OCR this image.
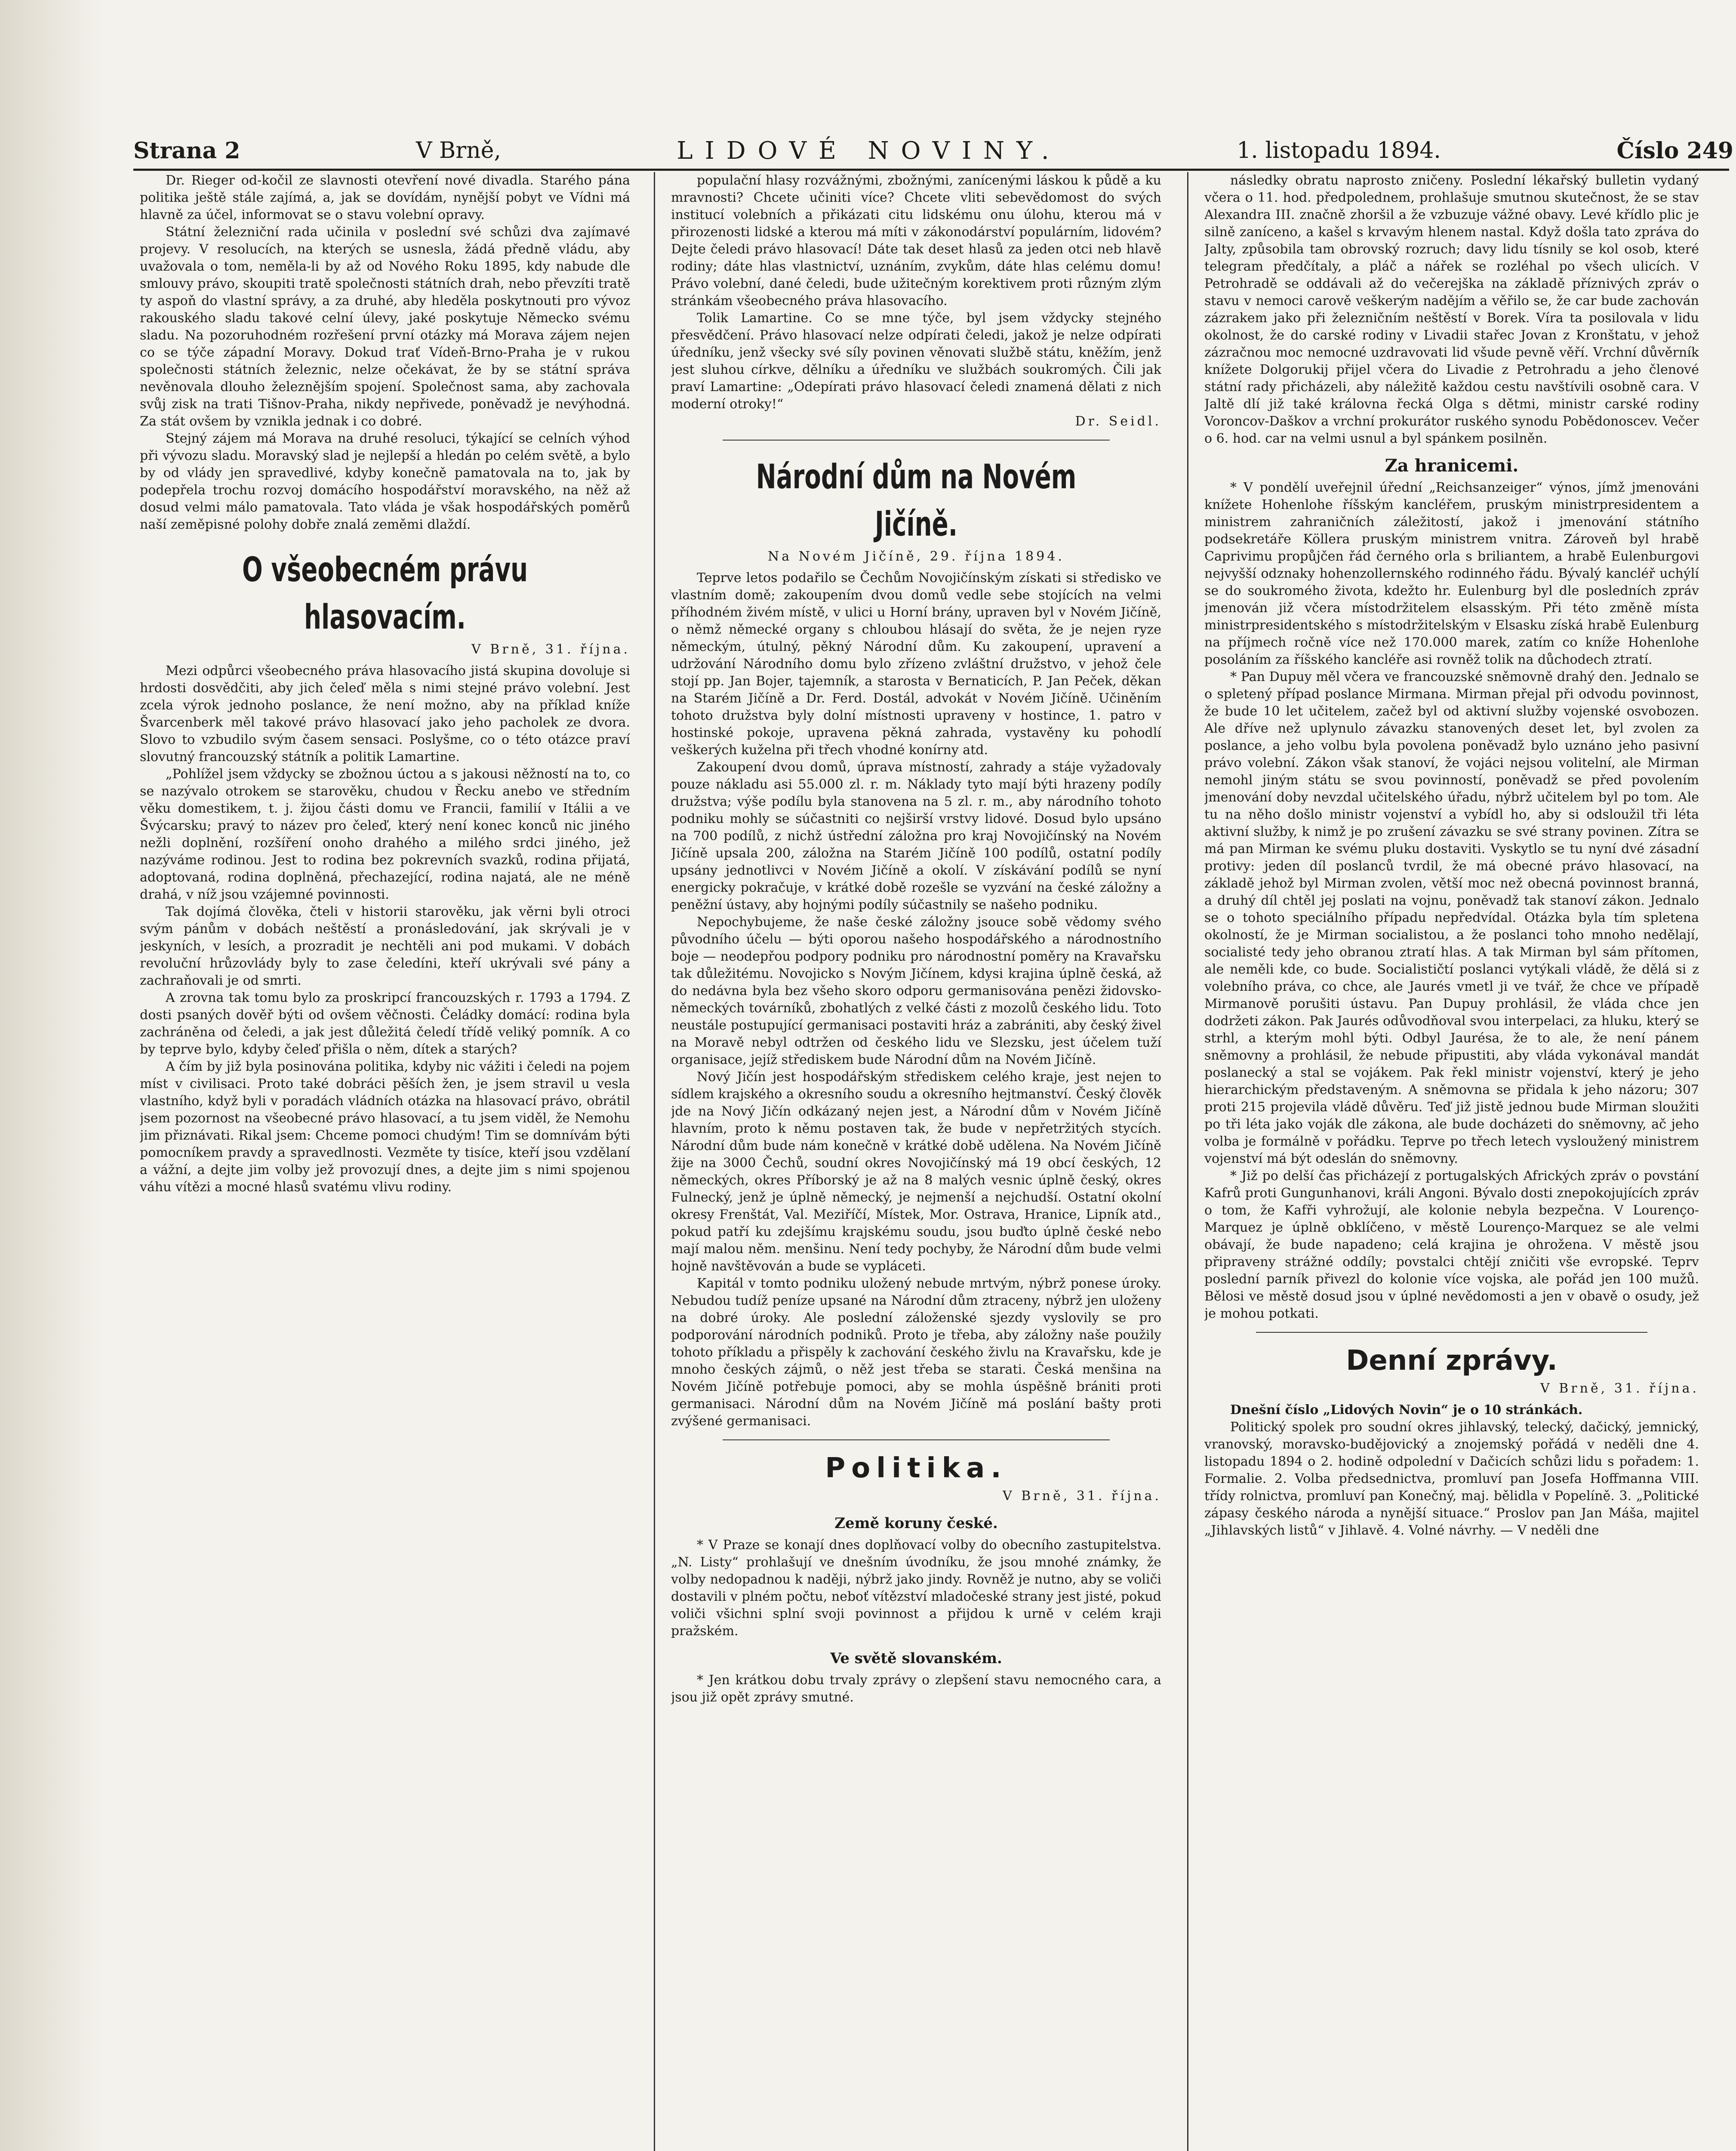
Strana 2	V Brně,	LIDOVÉ NOVINY.	1. listopadu 1894.	Číslo 249

Dr. Rieger od-kočil ze slavnosti otevření nové divadla. Starého pána politika ještě stále zajímá, a, jak se dovídám, nynější pobyt ve Vídni má hlavně za účel, informovat se o stavu volební opravy.

Státní železniční rada učinila v poslední své schůzi dva zajímavé projevy. V resolucích, na kterých se usnesla, žádá předně vládu, aby uvažovala o tom, neměla-li by až od Nového Roku 1895, kdy nabude dle smlouvy právo, skoupiti tratě společnosti státních drah, nebo převzíti tratě ty aspoň do vlastní správy, a za druhé, aby hleděla poskytnouti pro vývoz rakouského sladu takové celní úlevy, jaké poskytuje Německo svému sladu. Na pozoruhodném rozřešení první otázky má Morava zájem nejen co se týče západní Moravy. Dokud trať Vídeň-Brno-Praha je v rukou společnosti státních železnic, nelze očekávat, že by se státní správa nevěnovala dlouho železnějším spojení. Společnost sama, aby zachovala svůj zisk na trati Tišnov-Praha, nikdy nepřivede, poněvadž je nevýhodná. Za stát ovšem by vznikla jednak i co dobré.

Stejný zájem má Morava na druhé resoluci, týkající se celních výhod při vývozu sladu. Moravský slad je nejlepší a hledán po celém světě, a bylo by od vlády jen spravedlivé, kdyby konečně pamatovala na to, jak by podepřela trochu rozvoj domácího hospodářství moravského, na něž až dosud velmi málo pamatovala. Tato vláda je však hospodářských poměrů naší zeměpisné polohy dobře znalá zeměmi dlaždí.

O všeobecném právu hlasovacím.
V Brně, 31. října.

Mezi odpůrci všeobecného práva hlasovacího jistá skupina dovoluje si hrdosti dosvědčiti, aby jich čeleď měla s nimi stejné právo volební. Jest zcela výrok jednoho poslance, že není možno, aby na příklad kníže Švarcenberk měl takové právo hlasovací jako jeho pacholek ze dvora. Slovo to vzbudilo svým časem sensaci. Poslyšme, co o této otázce praví slovutný francouzský státník a politik Lamartine.

„Pohlížel jsem vždycky se zbožnou úctou a s jakousi něžností na to, co se nazývalo otrokem se starověku, chudou v Řecku anebo ve středním věku domestikem, t. j. žijou části domu ve Francii, familií v Itálii a ve Švýcarsku; pravý to název pro čeleď, který není konec konců nic jiného nežli doplnění, rozšíření onoho drahého a milého srdci jiného, jež nazýváme rodinou. Jest to rodina bez pokrevních svazků, rodina přijatá, adoptovaná, rodina doplněná, přechazející, rodina najatá, ale ne méně drahá, v níž jsou vzájemné povinnosti.

Tak dojímá člověka, čteli v historii starověku, jak věrni byli otroci svým pánům v dobách neštěstí a pronásledování, jak skrývali je v jeskyních, v lesích, a prozradit je nechtěli ani pod mukami. V dobách revoluční hrůzovlády byly to zase čeledíni, kteří ukrývali své pány a zachraňovali je od smrti.

A zrovna tak tomu bylo za proskripcí francouzských r. 1793 a 1794. Z dosti psaných dověř býti od ovšem věčnosti. Čeládky domácí: rodina byla zachráněna od čeledi, a jak jest důležitá čeledí třídě veliký pomník. A co by teprve bylo, kdyby čeleď přišla o něm, dítek a starých?

A čím by již byla posinována politika, kdyby nic vážiti i čeledi na pojem míst v civilisaci. Proto také dobráci pěších žen, je jsem stravil u vesla vlastního, když byli v poradách vládních otázka na hlasovací právo, obrátil jsem pozornost na všeobecné právo hlasovací, a tu jsem viděl, že Nemohu jim přiznávati. Rikal jsem: Chceme pomoci chudým! Tim se domnívám býti pomocníkem pravdy a spravedlnosti. Vezměte ty tisíce, kteří jsou vzdělaní a vážní, a dejte jim volby jež provozují dnes, a dejte jim s nimi spojenou váhu vítězi a mocné hlasů svatému vlivu rodiny.

populační hlasy rozvážnými, zbožnými, zanícenými láskou k půdě a ku mravnosti? Chcete učiniti více? Chcete vliti sebevědomost do svých institucí volebních a přikázati citu lidskému onu úlohu, kterou má v přirozenosti lidské a kterou má míti v zákonodárství populárním, lidovém? Dejte čeledi právo hlasovací! Dáte tak deset hlasů za jeden otci neb hlavě rodiny; dáte hlas vlastnictví, uznáním, zvykům, dáte hlas celému domu! Právo volební, dané čeledi, bude užitečným korektivem proti různým zlým stránkám všeobecného práva hlasovacího.

Tolik Lamartine. Co se mne týče, byl jsem vždycky stejného přesvědčení. Právo hlasovací nelze odpírati čeledi, jakož je nelze odpírati úředníku, jenž všecky své síly povinen věnovati službě státu, kněžím, jenž jest sluhou církve, dělníku a úředníku ve službách soukromých. Čili jak praví Lamartine: „Odepírati právo hlasovací čeledi znamená dělati z nich moderní otroky!“

Dr. Seidl.
Národní dům na Novém Jičíně.
Na Novém Jičíně, 29. října 1894.

Teprve letos podařilo se Čechům Novojičínským získati si středisko ve vlastním domě; zakoupením dvou domů vedle sebe stojících na velmi příhodném živém místě, v ulici u Horní brány, upraven byl v Novém Jičíně, o němž německé organy s chloubou hlásají do světa, že je nejen ryze německým, útulný, pěkný Národní dům. Ku zakoupení, upravení a udržování Národního domu bylo zřízeno zvláštní družstvo, v jehož čele stojí pp. Jan Bojer, tajemník, a starosta v Bernaticích, P. Jan Peček, děkan na Starém Jičíně a Dr. Ferd. Dostál, advokát v Novém Jičíně. Učiněním tohoto družstva byly dolní místnosti upraveny v hostince, 1. patro v hostinské pokoje, upravena pěkná zahrada, vystavěny ku pohodlí veškerých kuželna při třech vhodné konírny atd.

Zakoupení dvou domů, úprava místností, zahrady a stáje vyžadovaly pouze nákladu asi 55.000 zl. r. m. Náklady tyto mají býti hrazeny podíly družstva; výše podílu byla stanovena na 5 zl. r. m., aby národního tohoto podniku mohly se súčastniti co nejširší vrstvy lidové. Dosud bylo upsáno na 700 podílů, z nichž ústřední záložna pro kraj Novojičínský na Novém Jičíně upsala 200, záložna na Starém Jičíně 100 podílů, ostatní podíly upsány jednotlivci v Novém Jičíně a okolí. V získávání podílů se nyní energicky pokračuje, v krátké době rozešle se vyzvání na české záložny a peněžní ústavy, aby hojnými podíly súčastnily se našeho podniku.

Nepochybujeme, že naše české záložny jsouce sobě vědomy svého původního účelu — býti oporou našeho hospodářského a národnostního boje — neodepřou podpory podniku pro národnostní poměry na Kravařsku tak důležitému. Novojicko s Novým Jičínem, kdysi krajina úplně česká, až do nedávna byla bez všeho skoro odporu germanisována penězi židovsko-německých továrníků, zbohatlých z velké části z mozolů českého lidu. Toto neustále postupující germanisaci postaviti hráz a zabrániti, aby český živel na Moravě nebyl odtržen od českého lidu ve Slezsku, jest účelem tuží organisace, jejíž střediskem bude Národní dům na Novém Jičíně.

Nový Jičín jest hospodářským střediskem celého kraje, jest nejen to sídlem krajského a okresního soudu a okresního hejtmanství. Český člověk jde na Nový Jičín odkázaný nejen jest, a Národní dům v Novém Jičíně hlavním, proto k němu postaven tak, že bude v nepřetržitých stycích. Národní dům bude nám konečně v krátké době udělena. Na Novém Jičíně žije na 3000 Čechů, soudní okres Novojičínský má 19 obcí českých, 12 německých, okres Příborský je až na 8 malých vesnic úplně český, okres Fulnecký, jenž je úplně německý, je nejmenší a nejchudší. Ostatní okolní okresy Frenštát, Val. Meziříčí, Místek, Mor. Ostrava, Hranice, Lipník atd., pokud patří ku zdejšímu krajskému soudu, jsou buďto úplně české nebo mají malou něm. menšinu. Není tedy pochyby, že Národní dům bude velmi hojně navštěvován a bude se vypláceti.

Kapitál v tomto podniku uložený nebude mrtvým, nýbrž ponese úroky. Nebudou tudíž peníze upsané na Národní dům ztraceny, nýbrž jen uloženy na dobré úroky. Ale poslední záloženské sjezdy vyslovily se pro podporování národních podniků. Proto je třeba, aby záložny naše použily tohoto příkladu a přispěly k zachování českého živlu na Kravařsku, kde je mnoho českých zájmů, o něž jest třeba se starati. Česká menšina na Novém Jičíně potřebuje pomoci, aby se mohla úspěšně brániti proti germanisaci. Národní dům na Novém Jičíně má poslání bašty proti zvýšené germanisaci.

Politika.
V Brně, 31. října.
Země koruny české.

* V Praze se konají dnes doplňovací volby do obecního zastupitelstva. „N. Listy“ prohlašují ve dnešním úvodníku, že jsou mnohé známky, že volby nedopadnou k naději, nýbrž jako jindy. Rovněž je nutno, aby se voliči dostavili v plném počtu, neboť vítězství mladočeské strany jest jisté, pokud voliči všichni splní svoji povinnost a přijdou k urně v celém kraji pražském.

Ve světě slovanském.

* Jen krátkou dobu trvaly zprávy o zlepšení stavu nemocného cara, a jsou již opět zprávy smutné.

následky obratu naprosto zničeny. Poslední lékařský bulletin vydaný včera o 11. hod. předpolednem, prohlašuje smutnou skutečnost, že se stav Alexandra III. značně zhoršil a že vzbuzuje vážné obavy. Levé křídlo plic je silně zaníceno, a kašel s krvavým hlenem nastal. Když došla tato zpráva do Jalty, způsobila tam obrovský rozruch; davy lidu tísnily se kol osob, které telegram předčítaly, a pláč a nářek se rozléhal po všech ulicích. V Petrohradě se oddávali až do večerejška na základě příznivých zpráv o stavu v nemoci carově veškerým nadějím a věřilo se, že car bude zachován zázrakem jako při železničním neštěstí v Borek. Víra ta posilovala v lidu okolnost, že do carské rodiny v Livadii stařec Jovan z Kronštatu, v jehož zázračnou moc nemocné uzdravovati lid všude pevně věří. Vrchní důvěrník knížete Dolgorukij přijel včera do Livadie z Petrohradu a jeho členové státní rady přicházeli, aby náležitě každou cestu navštívili osobně cara. V Jaltě dlí již také královna řecká Olga s dětmi, ministr carské rodiny Voroncov-Daškov a vrchní prokurátor ruského synodu Pobědonoscev. Večer o 6. hod. car na velmi usnul a byl spánkem posilněn.

Za hranicemi.

* V pondělí uveřejnil úřední „Reichsanzeiger“ výnos, jímž jmenováni knížete Hohenlohe říšským kancléřem, pruským ministrpresidentem a ministrem zahraničních záležitostí, jakož i jmenování státního podsekretáře Köllera pruským ministrem vnitra. Zároveň byl hrabě Caprivimu propůjčen řád černého orla s briliantem, a hrabě Eulenburgovi nejvyšší odznaky hohenzollernského rodinného řádu. Bývalý kancléř uchýlí se do soukromého života, kdežto hr. Eulenburg byl dle posledních zpráv jmenován již včera místodržitelem elsasským. Při této změně místa ministrpresidentského s místodržitelským v Elsasku získá hrabě Eulenburg na příjmech ročně více než 170.000 marek, zatím co kníže Hohenlohe posoláním za říšského kancléře asi rovněž tolik na důchodech ztratí.

* Pan Dupuy měl včera ve francouzské sněmovně drahý den. Jednalo se o spletený případ poslance Mirmana. Mirman přejal při odvodu povinnost, že bude 10 let učitelem, začež byl od aktivní služby vojenské osvobozen. Ale dříve než uplynulo závazku stanovených deset let, byl zvolen za poslance, a jeho volbu byla povolena poněvadž bylo uznáno jeho pasivní právo volební. Zákon však stanoví, že vojáci nejsou volitelní, ale Mirman nemohl jiným státu se svou povinností, poněvadž se před povolením jmenování doby nevzdal učitelského úřadu, nýbrž učitelem byl po tom. Ale tu na něho došlo ministr vojenství a vybídl ho, aby si odsloužil tři léta aktivní služby, k nimž je po zrušení závazku se své strany povinen. Zítra se má pan Mirman ke svému pluku dostaviti. Vyskytlo se tu nyní dvé zásadní protivy: jeden díl poslanců tvrdil, že má obecné právo hlasovací, na základě jehož byl Mirman zvolen, větší moc než obecná povinnost branná, a druhý díl chtěl jej poslati na vojnu, poněvadž tak stanoví zákon. Jednalo se o tohoto speciálního případu nepředvídal. Otázka byla tím spletena okolností, že je Mirman socialistou, a že poslanci toho mnoho nedělají, socialisté tedy jeho obranou ztratí hlas. A tak Mirman byl sám přítomen, ale neměli kde, co bude. Socialističtí poslanci vytýkali vládě, že dělá si z volebního práva, co chce, ale Jaurés vmetl ji ve tvář, že chce ve případě Mirmanově porušiti ústavu. Pan Dupuy prohlásil, že vláda chce jen dodržeti zákon. Pak Jaurés odůvodňoval svou interpelaci, za hluku, který se strhl, a kterým mohl býti. Odbyl Jaurésa, že to ale, že není pánem sněmovny a prohlásil, že nebude připustiti, aby vláda vykonával mandát poslanecký a stal se vojákem. Pak řekl ministr vojenství, který je jeho hierarchickým představeným. A sněmovna se přidala k jeho názoru; 307 proti 215 projevila vládě důvěru. Teď již jistě jednou bude Mirman sloužiti po tři léta jako voják dle zákona, ale bude docházeti do sněmovny, ač jeho volba je formálně v pořádku. Teprve po třech letech vysloužený ministrem vojenství má být odeslán do sněmovny.

* Již po delší čas přicházejí z portugalských Afrických zpráv o povstání Kafrů proti Gungunhanovi, králi Angoni. Bývalo dosti znepokojujících zpráv o tom, že Kafři vyhrožují, ale kolonie nebyla bezpečna. V Lourenço-Marquez je úplně obklíčeno, v městě Lourenço-Marquez se ale velmi obávají, že bude napadeno; celá krajina je ohrožena. V městě jsou připraveny strážné oddíly; povstalci chtějí zničiti vše evropské. Teprv poslední parník přivezl do kolonie více vojska, ale pořád jen 100 mužů. Bělosi ve městě dosud jsou v úplné nevědomosti a jen v obavě o osudy, jež je mohou potkati.

Denní zprávy.
V Brně, 31. října.

Dnešní číslo „Lidových Novin“ je o 10 stránkách.

Politický spolek pro soudní okres jihlavský, telecký, dačický, jemnický, vranovský, moravsko-budějovický a znojemský pořádá v neděli dne 4. listopadu 1894 o 2. hodině odpolední v Dačicích schůzi lidu s pořadem: 1. Formalie. 2. Volba předsednictva, promluví pan Josefa Hoffmanna VIII. třídy rolnictva, promluví pan Konečný, maj. bělidla v Popelíně. 3. „Politické zápasy českého národa a nynější situace.“ Proslov pan Jan Máša, majitel „Jihlavských listů“ v Jihlavě. 4. Volné návrhy. — V neděli dne
